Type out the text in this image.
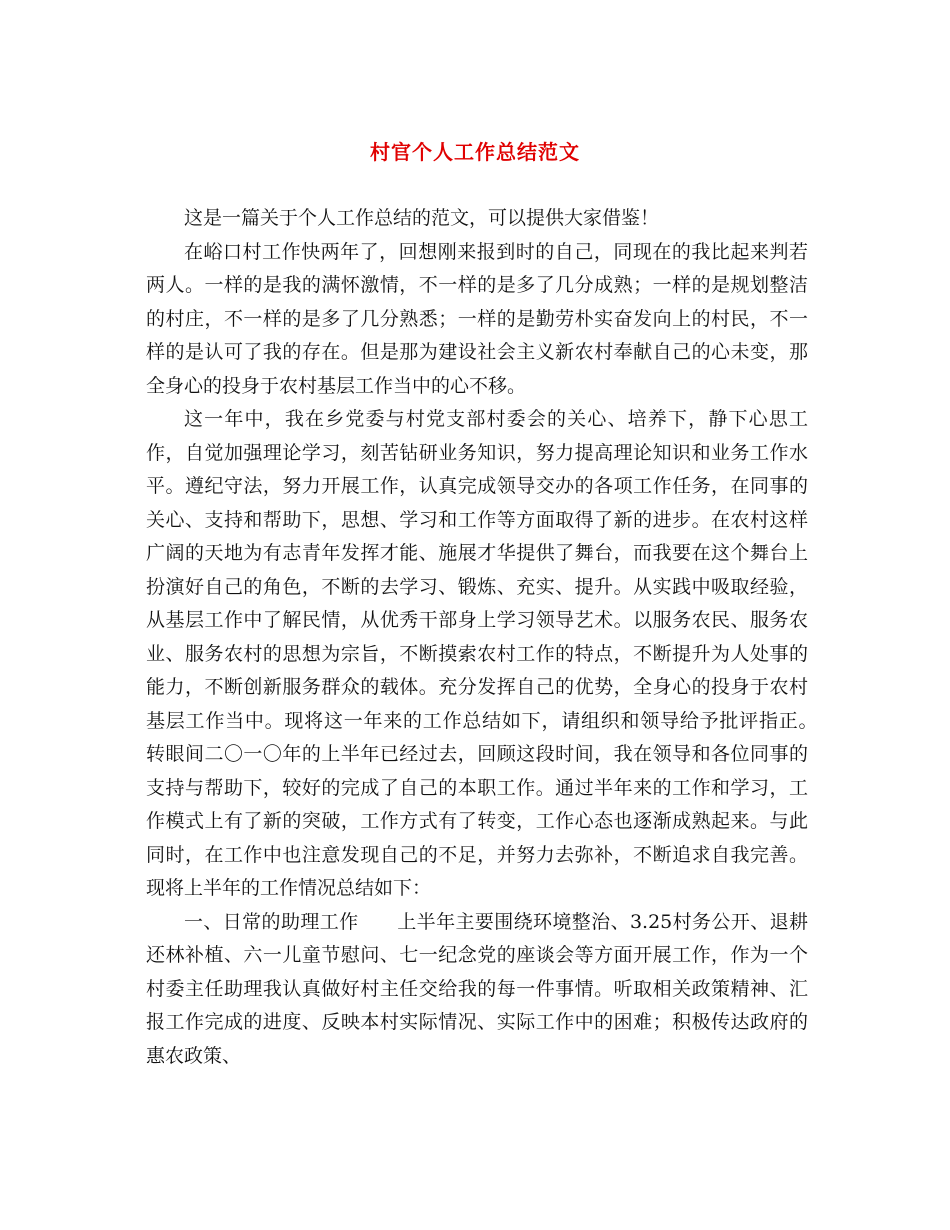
村官个人工作总结范文

这是一篇关于个人工作总结的范文，可以提供大家借鉴！

在峪口村工作快两年了，回想刚来报到时的自己，同现在的我比起来判若两人。一样的是我的满怀激情，不一样的是多了几分成熟；一样的是规划整洁的村庄，不一样的是多了几分熟悉；一样的是勤劳朴实奋发向上的村民，不一样的是认可了我的存在。但是那为建设社会主义新农村奉献自己的心未变，那全身心的投身于农村基层工作当中的心不移。

这一年中，我在乡党委与村党支部村委会的关心、培养下，静下心思工作，自觉加强理论学习，刻苦钻研业务知识，努力提高理论知识和业务工作水平。遵纪守法，努力开展工作，认真完成领导交办的各项工作任务，在同事的关心、支持和帮助下，思想、学习和工作等方面取得了新的进步。在农村这样广阔的天地为有志青年发挥才能、施展才华提供了舞台，而我要在这个舞台上扮演好自己的角色，不断的去学习、锻炼、充实、提升。从实践中吸取经验，从基层工作中了解民情，从优秀干部身上学习领导艺术。以服务农民、服务农业、服务农村的思想为宗旨，不断摸索农村工作的特点，不断提升为人处事的能力，不断创新服务群众的载体。充分发挥自己的优势，全身心的投身于农村基层工作当中。现将这一年来的工作总结如下，请组织和领导给予批评指正。　　转眼间二〇一〇年的上半年已经过去，回顾这段时间，我在领导和各位同事的支持与帮助下，较好的完成了自己的本职工作。通过半年来的工作和学习，工作模式上有了新的突破，工作方式有了转变，工作心态也逐渐成熟起来。与此同时，在工作中也注意发现自己的不足，并努力去弥补，不断追求自我完善。现将上半年的工作情况总结如下：

一、日常的助理工作　　上半年主要围绕环境整治、3.25村务公开、退耕还林补植、六一儿童节慰问、七一纪念党的座谈会等方面开展工作，作为一个村委主任助理我认真做好村主任交给我的每一件事情。听取相关政策精神、汇报工作完成的进度、反映本村实际情况、实际工作中的困难；积极传达政府的惠农政策、
